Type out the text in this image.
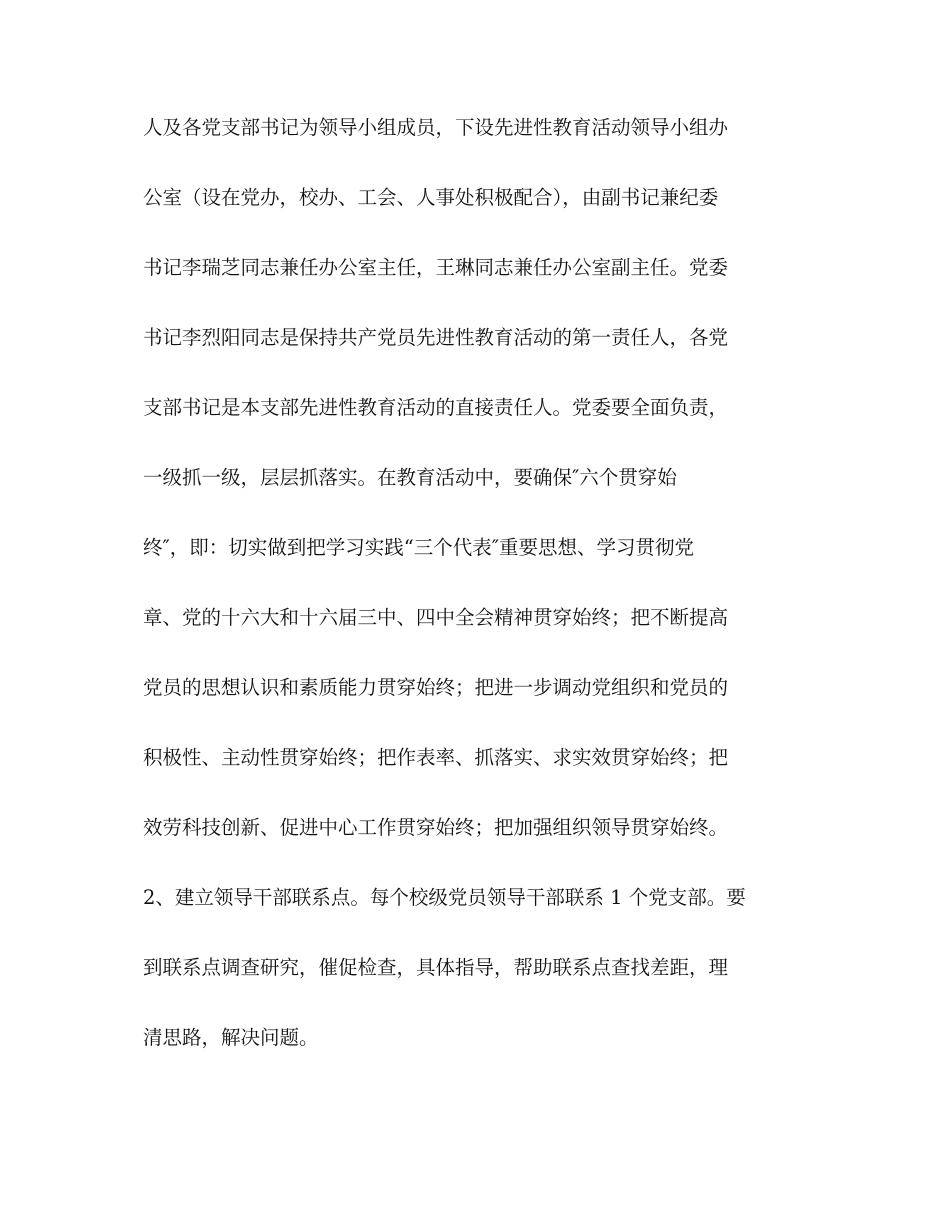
人及各党支部书记为领导小组成员，下设先进性教育活动领导小组办
公室（设在党办，校办、工会、人事处积极配合），由副书记兼纪委
书记李瑞芝同志兼任办公室主任，王琳同志兼任办公室副主任。党委
书记李烈阳同志是保持共产党员先进性教育活动的第一责任人，各党
支部书记是本支部先进性教育活动的直接责任人。党委要全面负责，
一级抓一级，层层抓落实。在教育活动中，要确保″六个贯穿始
终″，即：切实做到把学习实践“三个代表″重要思想、学习贯彻党
章、党的十六大和十六届三中、四中全会精神贯穿始终；把不断提高
党员的思想认识和素质能力贯穿始终；把进一步调动党组织和党员的
积极性、主动性贯穿始终；把作表率、抓落实、求实效贯穿始终；把
效劳科技创新、促进中心工作贯穿始终；把加强组织领导贯穿始终。
2、建立领导干部联系点。每个校级党员领导干部联系 1 个党支部。要
到联系点调查研究，催促检查，具体指导，帮助联系点查找差距，理
清思路，解决问题。
